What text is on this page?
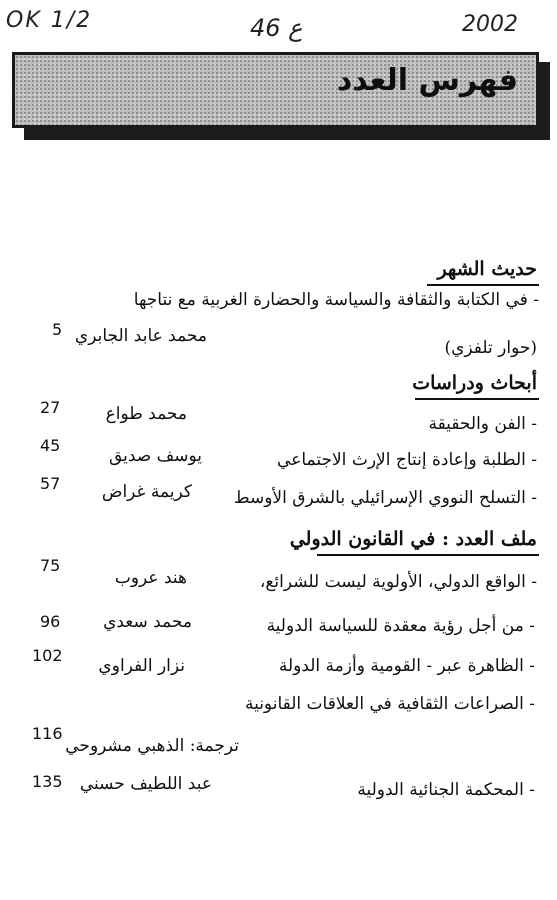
OK 1/2	ع 46	2002
فهرس العدد
حديث الشهر
- في الكتابة والثقافة والسياسة والحضارة الغربية مع نتاجها
محمد عابد الجابري
5
(حوار تلفزي)
أبحاث ودراسات
- الفن والحقيقة
محمد طواع
27
- الطلبة وإعادة إنتاج الإرث الاجتماعي
يوسف صديق
45
- التسلح النووي الإسرائيلي بالشرق الأوسط
كريمة غراض
57
ملف العدد : في القانون الدولي
- الواقع الدولي، الأولوية ليست للشرائع،
هند عروب
75
- من أجل رؤية معقدة للسياسة الدولية
محمد سعدي
96
- الظاهرة عبر - القومية وأزمة الدولة
نزار الفراوي
102
- الصراعات الثقافية في العلاقات القانونية
ترجمة: الذهبي مشروحي
116
- المحكمة الجنائية الدولية
عبد اللطيف حسني
135
